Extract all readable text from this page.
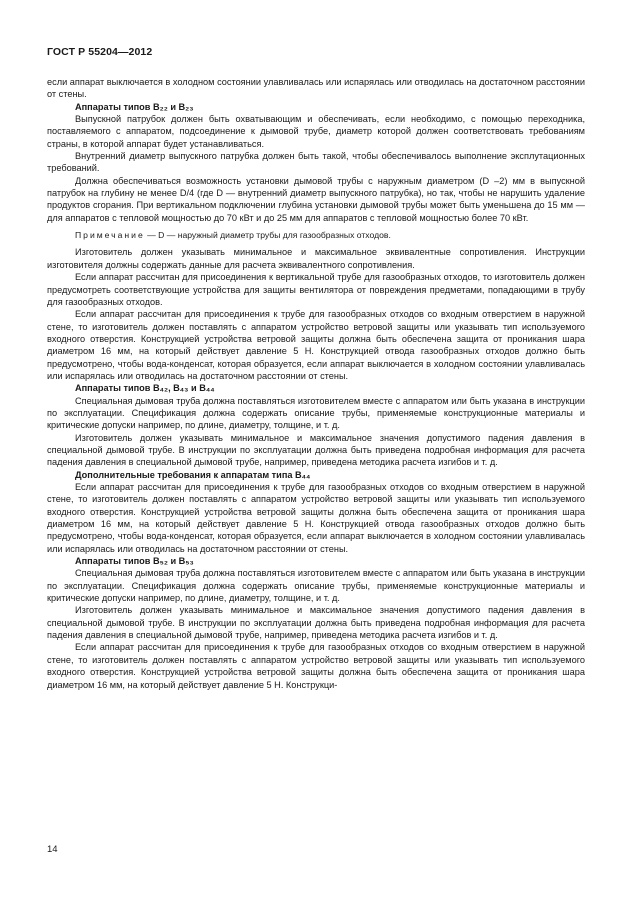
ГОСТ Р 55204—2012

если аппарат выключается в холодном состоянии улавливалась или испарялась или отводилась на достаточном расстоянии от стены.

Аппараты типов B₂₂ и B₂₃

Выпускной патрубок должен быть охватывающим и обеспечивать, если необходимо, с помощью переходника, поставляемого с аппаратом, подсоединение к дымовой трубе, диаметр которой должен соответствовать требованиям страны, в которой аппарат будет устанавливаться.

Внутренний диаметр выпускного патрубка должен быть такой, чтобы обеспечивалось выполнение эксплутационных требований.

Должна обеспечиваться возможность установки дымовой трубы с наружным диаметром (D –2) мм в выпускной патрубок на глубину не менее D/4 (где D — внутренний диаметр выпускного патрубка), но так, чтобы не нарушить удаление продуктов сгорания. При вертикальном подключении глубина установки дымовой трубы может быть уменьшена до 15 мм — для аппаратов с тепловой мощностью до 70 кВт и до 25 мм для аппаратов с тепловой мощностью более 70 кВт.

Примечание — D — наружный диаметр трубы для газообразных отходов.

Изготовитель должен указывать минимальное и максимальное эквивалентные сопротивления. Инструкции изготовителя должны содержать данные для расчета эквивалентного сопротивления.

Если аппарат рассчитан для присоединения к вертикальной трубе для газообразных отходов, то изготовитель должен предусмотреть соответствующие устройства для защиты вентилятора от повреждения предметами, попадающими в трубу для газообразных отходов.

Если аппарат рассчитан для присоединения к трубе для газообразных отходов со входным отверстием в наружной стене, то изготовитель должен поставлять с аппаратом устройство ветровой защиты или указывать тип используемого входного отверстия. Конструкцией устройства ветровой защиты должна быть обеспечена защита от проникания шара диаметром 16 мм, на который действует давление 5 Н. Конструкцией отвода газообразных отходов должно быть предусмотрено, чтобы вода-конденсат, которая образуется, если аппарат выключается в холодном состоянии улавливалась или испарялась или отводилась на достаточном расстоянии от стены.

Аппараты типов B₄₂, B₄₃ и B₄₄

Специальная дымовая труба должна поставляться изготовителем вместе с аппаратом или быть указана в инструкции по эксплуатации. Спецификация должна содержать описание трубы, применяемые конструкционные материалы и критические допуски например, по длине, диаметру, толщине, и т. д.

Изготовитель должен указывать минимальное и максимальное значения допустимого падения давления в специальной дымовой трубе. В инструкции по эксплуатации должна быть приведена подробная информация для расчета падения давления в специальной дымовой трубе, например, приведена методика расчета изгибов и т. д.

Дополнительные требования к аппаратам типа B₄₄

Если аппарат рассчитан для присоединения к трубе для газообразных отходов со входным отверстием в наружной стене, то изготовитель должен поставлять с аппаратом устройство ветровой защиты или указывать тип используемого входного отверстия. Конструкцией устройства ветровой защиты должна быть обеспечена защита от проникания шара диаметром 16 мм, на который действует давление 5 Н. Конструкцией отвода газообразных отходов должно быть предусмотрено, чтобы вода-конденсат, которая образуется, если аппарат выключается в холодном состоянии улавливалась или испарялась или отводилась на достаточном расстоянии от стены.

Аппараты типов B₅₂ и B₅₃

Специальная дымовая труба должна поставляться изготовителем вместе с аппаратом или быть указана в инструкции по эксплуатации. Спецификация должна содержать описание трубы, применяемые конструкционные материалы и критические допуски например, по длине, диаметру, толщине, и т. д.

Изготовитель должен указывать минимальное и максимальное значения допустимого падения давления в специальной дымовой трубе. В инструкции по эксплуатации должна быть приведена подробная информация для расчета падения давления в специальной дымовой трубе, например, приведена методика расчета изгибов и т. д.

Если аппарат рассчитан для присоединения к трубе для газообразных отходов со входным отверстием в наружной стене, то изготовитель должен поставлять с аппаратом устройство ветровой защиты или указывать тип используемого входного отверстия. Конструкцией устройства ветровой защиты должна быть обеспечена защита от проникания шара диаметром 16 мм, на который действует давление 5 Н. Конструкци-

14
